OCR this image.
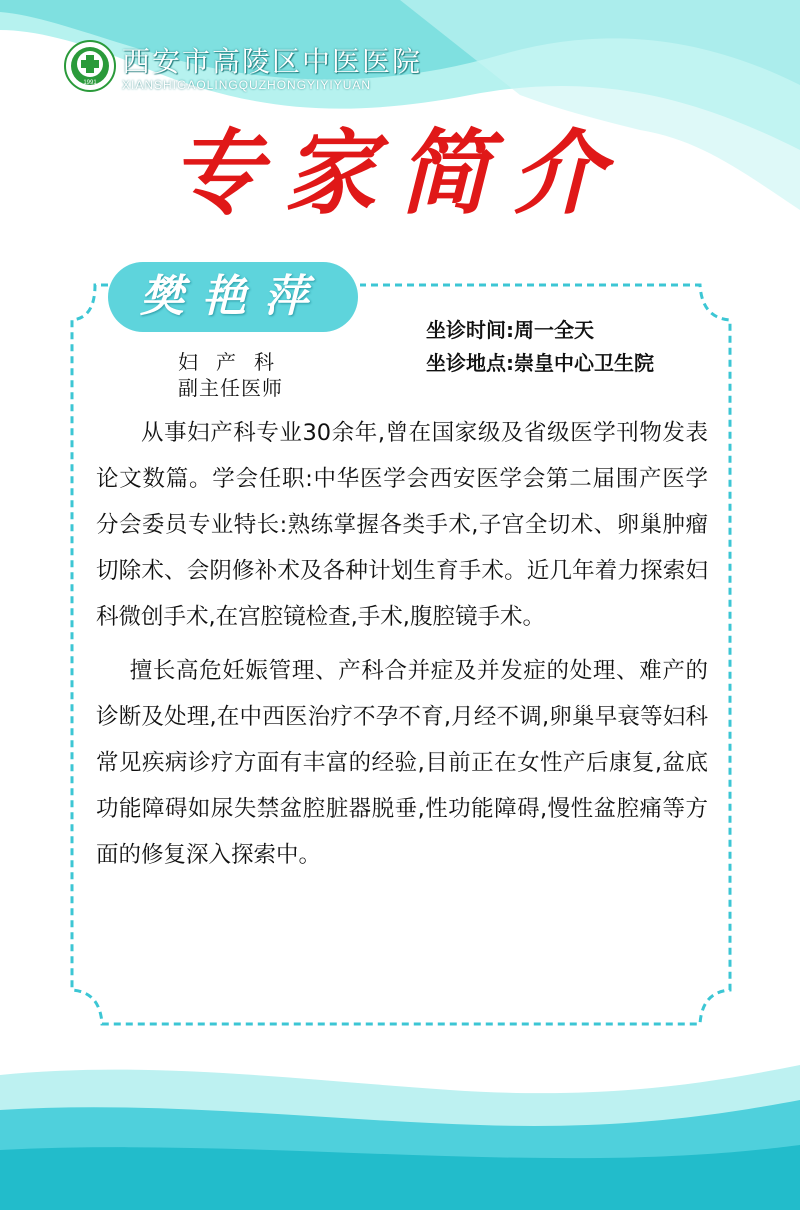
1991
西安市高陵区中医医院
XIANSHIGAOLINGQUZHONGYIYIYUAN
专家简介
樊艳萍
妇产科
副主任医师
坐诊时间:周一全天
坐诊地点:崇皇中心卫生院

从事妇产科专业30余年,曾在国家级及省级医学刊物发表论文数篇。学会任职:中华医学会西安医学会第二届围产医学分会委员专业特长:熟练掌握各类手术,子宫全切术、卵巢肿瘤切除术、会阴修补术及各种计划生育手术。近几年着力探索妇科微创手术,在宫腔镜检查,手术,腹腔镜手术。

擅长高危妊娠管理、产科合并症及并发症的处理、难产的诊断及处理,在中西医治疗不孕不育,月经不调,卵巢早衰等妇科常见疾病诊疗方面有丰富的经验,目前正在女性产后康复,盆底功能障碍如尿失禁盆腔脏器脱垂,性功能障碍,慢性盆腔痛等方面的修复深入探索中。
